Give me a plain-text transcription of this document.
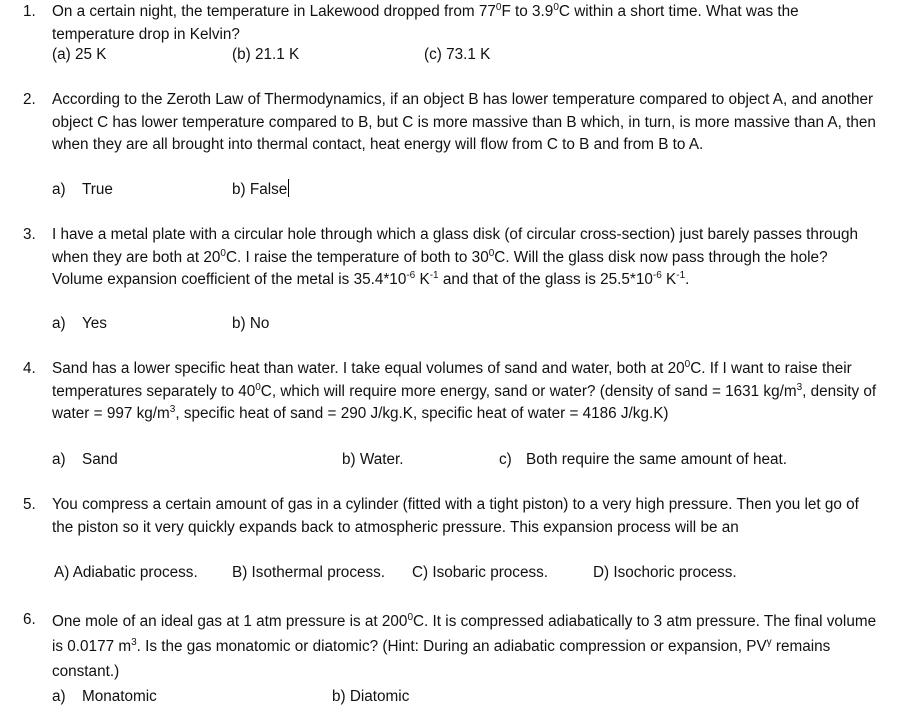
1. On a certain night, the temperature in Lakewood dropped from $77^0F$ to $3.9^0C$ within a short time. What was the temperature drop in Kelvin?
(a) 25 K	(b) 21.1 K	(c) 73.1 K
2. According to the Zeroth Law of Thermodynamics, if an object B has lower temperature compared to object A, and another object C has lower temperature compared to B, but C is more massive than B which, in turn, is more massive than A, then when they are all brought into thermal contact, heat energy will flow from C to B and from B to A.
a) True	b) False
3. I have a metal plate with a circular hole through which a glass disk (of circular cross-section) just barely passes through when they are both at $20^0C$. I raise the temperature of both to $30^0C$. Will the glass disk now pass through the hole? Volume expansion coefficient of the metal is $35.4*10^{-6}$ $K^{-1}$ and that of the glass is $25.5*10^{-6}$ $K^{-1}$.
a) Yes	b) No
4. Sand has a lower specific heat than water. I take equal volumes of sand and water, both at $20^0C$. If I want to raise their temperatures separately to $40^0C$, which will require more energy, sand or water? (density of sand = 1631 $kg/m^3$, density of water = 997 $kg/m^3$, specific heat of sand = 290 J/kg.K, specific heat of water = 4186 J/kg.K)
a) Sand	b) Water.	c) Both require the same amount of heat.
5. You compress a certain amount of gas in a cylinder (fitted with a tight piston) to a very high pressure. Then you let go of the piston so it very quickly expands back to atmospheric pressure. This expansion process will be an
A) Adiabatic process. B) Isothermal process. C) Isobaric process.	D) Isochoric process.
6. One mole of an ideal gas at 1 atm pressure is at $200^0C$. It is compressed adiabatically to 3 atm pressure. The final volume is 0.0177 $m^3$. Is the gas monatomic or diatomic? (Hint: During an adiabatic compression or expansion, $PV^\gamma$ remains constant.)
a) Monatomic	b) Diatomic
